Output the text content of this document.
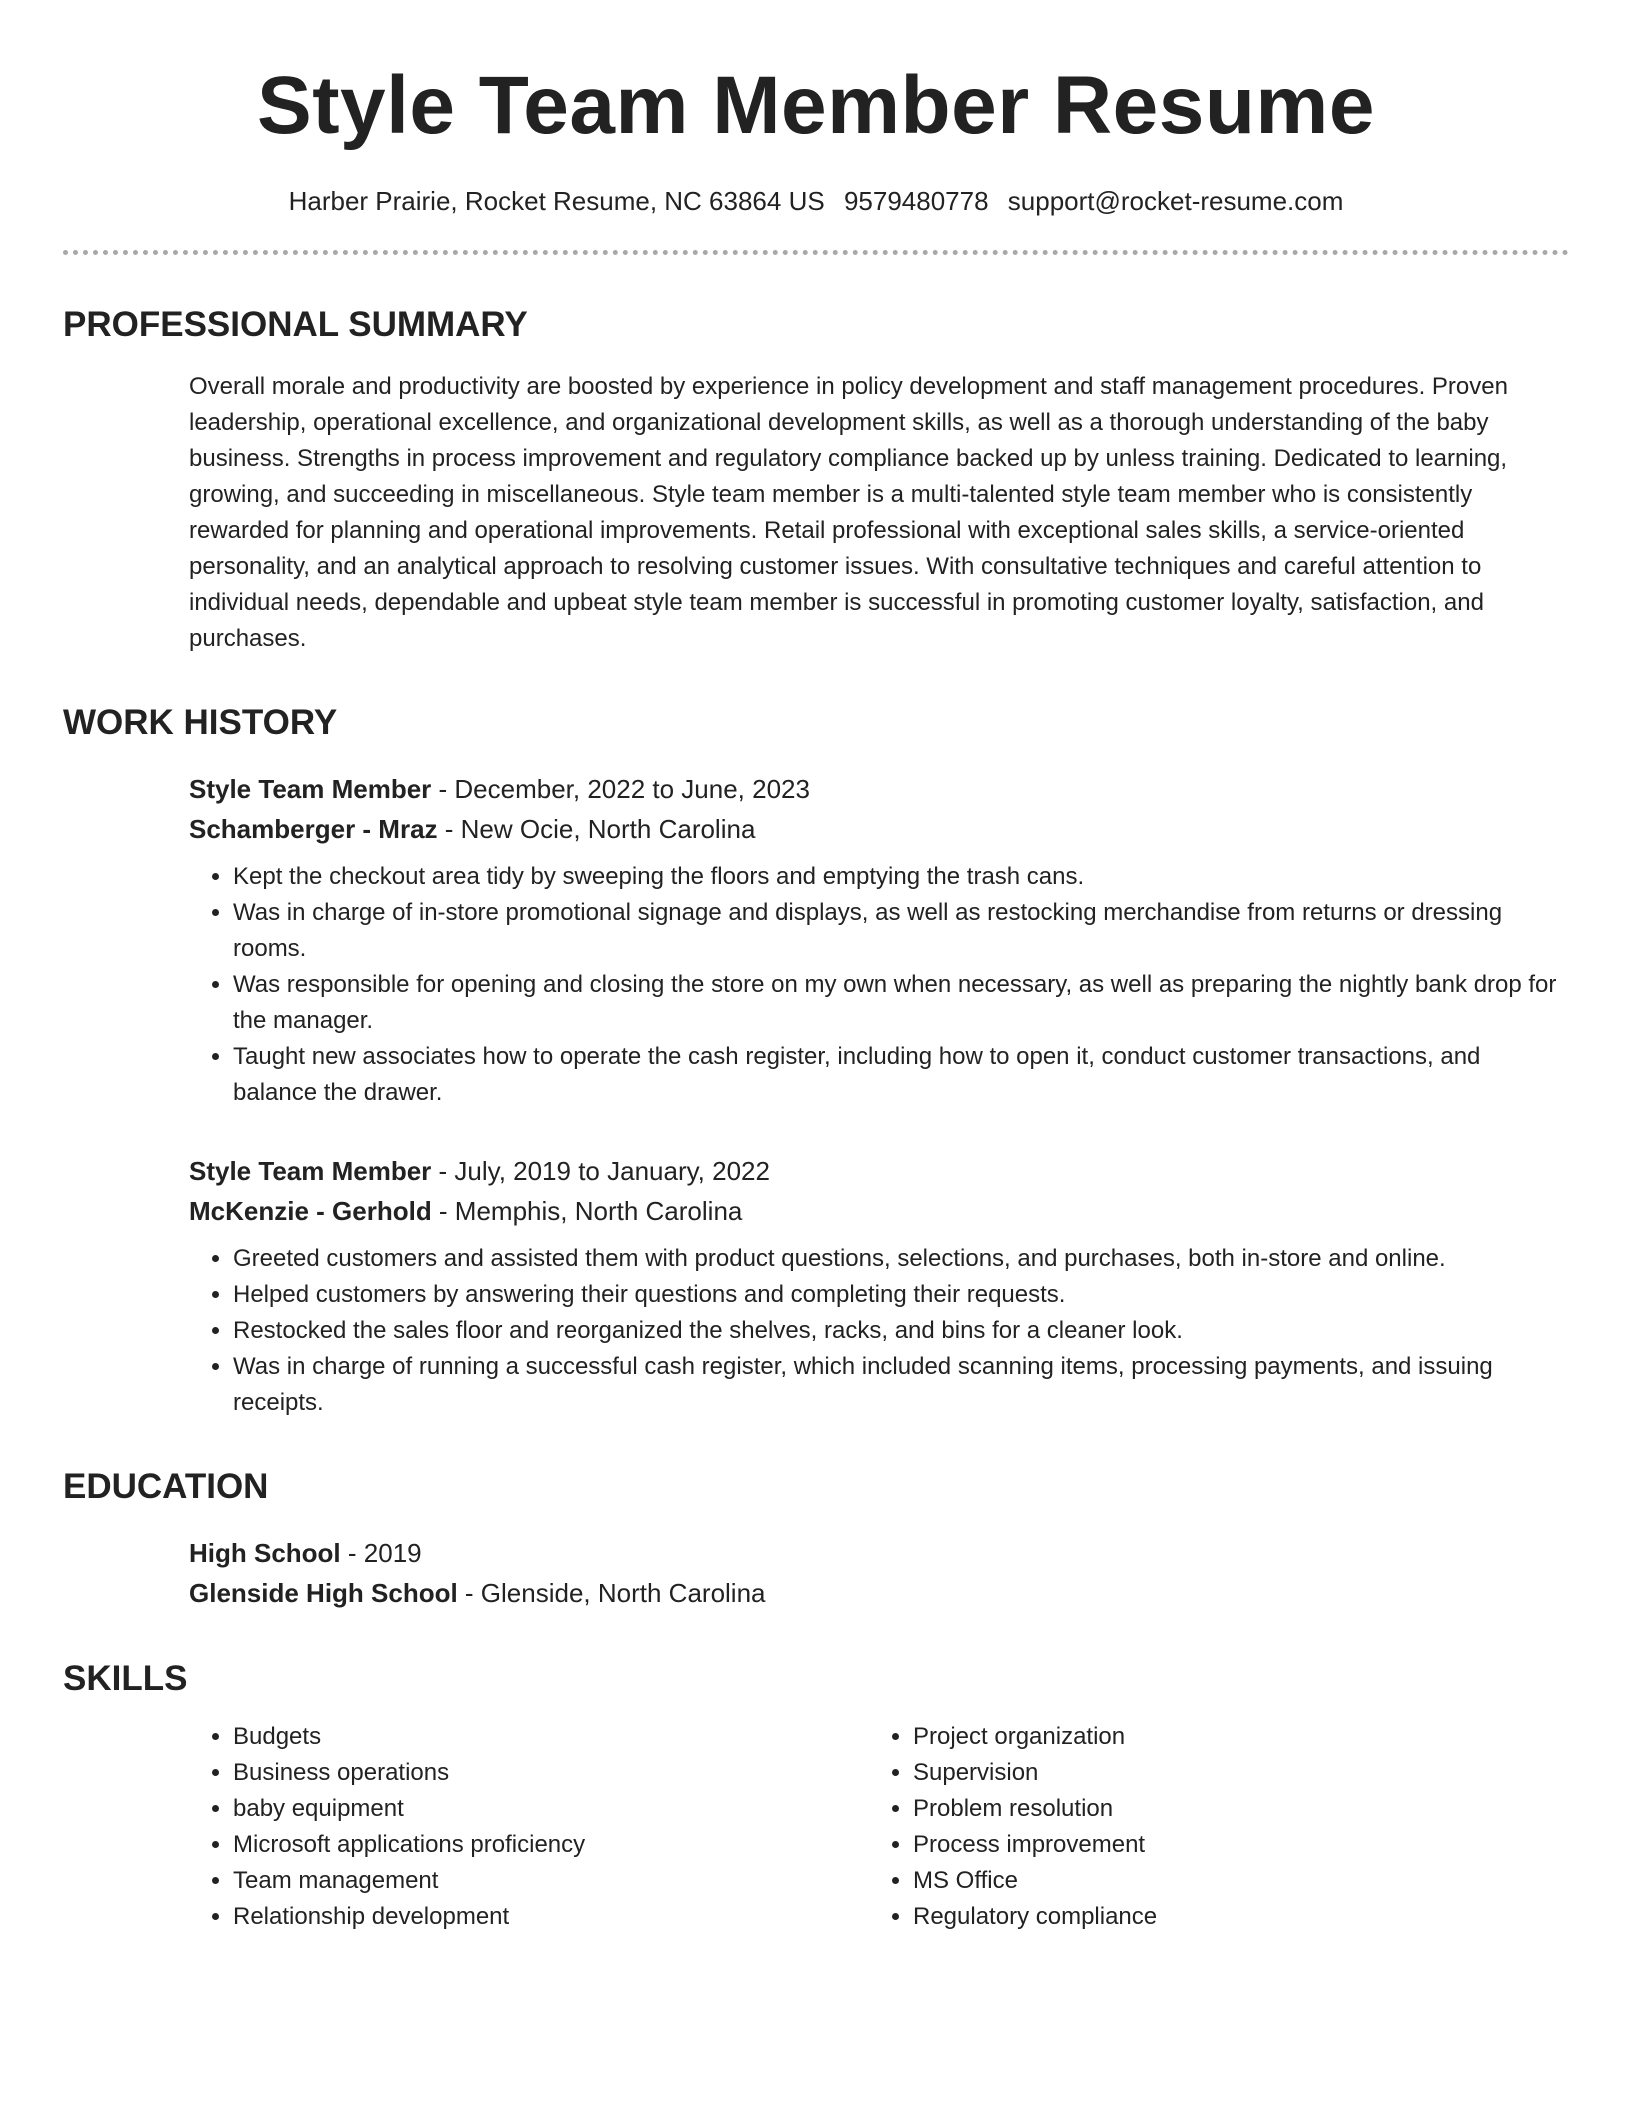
Style Team Member Resume
Harber Prairie, Rocket Resume, NC 63864 US 9579480778 support@rocket-resume.com
PROFESSIONAL SUMMARY
Overall morale and productivity are boosted by experience in policy development and staff management procedures. Proven leadership, operational excellence, and organizational development skills, as well as a thorough understanding of the baby business. Strengths in process improvement and regulatory compliance backed up by unless training. Dedicated to learning, growing, and succeeding in miscellaneous. Style team member is a multi-talented style team member who is consistently rewarded for planning and operational improvements. Retail professional with exceptional sales skills, a service-oriented personality, and an analytical approach to resolving customer issues. With consultative techniques and careful attention to individual needs, dependable and upbeat style team member is successful in promoting customer loyalty, satisfaction, and purchases.
WORK HISTORY
Style Team Member - December, 2022 to June, 2023
Schamberger - Mraz - New Ocie, North Carolina
• Kept the checkout area tidy by sweeping the floors and emptying the trash cans.
• Was in charge of in-store promotional signage and displays, as well as restocking merchandise from returns or dressing rooms.
• Was responsible for opening and closing the store on my own when necessary, as well as preparing the nightly bank drop for the manager.
• Taught new associates how to operate the cash register, including how to open it, conduct customer transactions, and balance the drawer.
Style Team Member - July, 2019 to January, 2022
McKenzie - Gerhold - Memphis, North Carolina
• Greeted customers and assisted them with product questions, selections, and purchases, both in-store and online.
• Helped customers by answering their questions and completing their requests.
• Restocked the sales floor and reorganized the shelves, racks, and bins for a cleaner look.
• Was in charge of running a successful cash register, which included scanning items, processing payments, and issuing receipts.
EDUCATION
High School - 2019
Glenside High School - Glenside, North Carolina
SKILLS
• Budgets
• Business operations
• baby equipment
• Microsoft applications proficiency
• Team management
• Relationship development
• Project organization
• Supervision
• Problem resolution
• Process improvement
• MS Office
• Regulatory compliance
